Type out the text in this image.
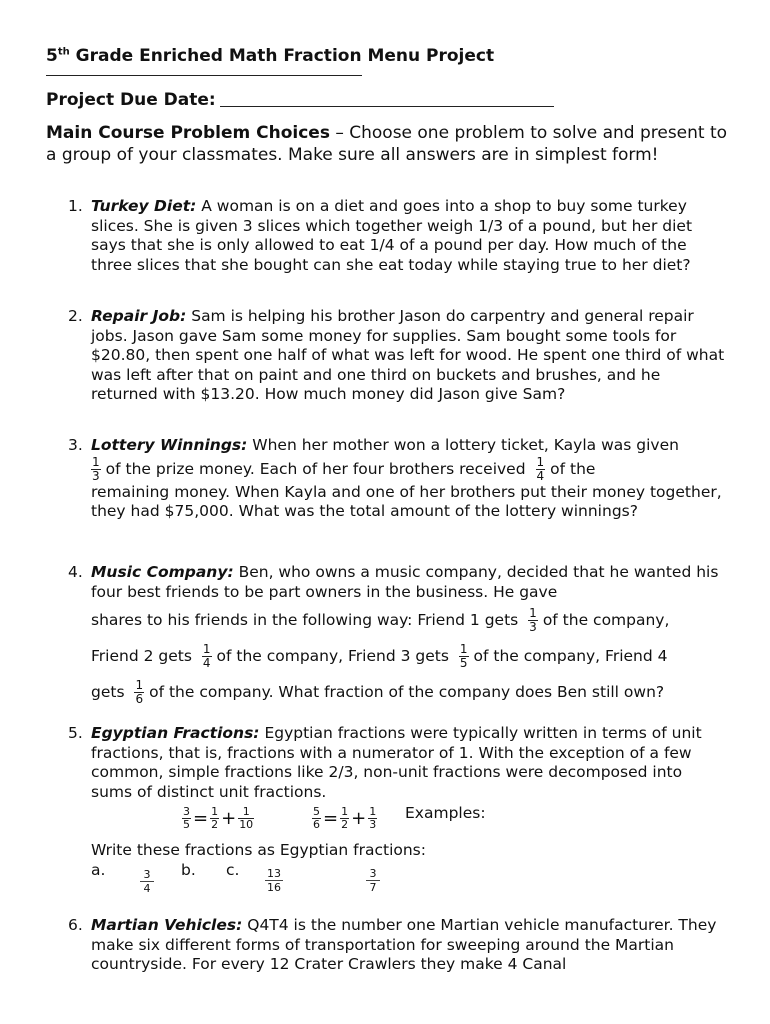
5th Grade Enriched Math Fraction Menu Project
Project Due Date:
Main Course Problem Choices – Choose one problem to solve and present to a group of your classmates. Make sure all answers are in simplest form!
1. Turkey Diet: A woman is on a diet and goes into a shop to buy some turkey slices. She is given 3 slices which together weigh 1/3 of a pound, but her diet says that she is only allowed to eat 1/4 of a pound per day. How much of the three slices that she bought can she eat today while staying true to her diet?
2. Repair Job: Sam is helping his brother Jason do carpentry and general repair jobs. Jason gave Sam some money for supplies. Sam bought some tools for $20.80, then spent one half of what was left for wood. He spent one third of what was left after that on paint and one third on buckets and brushes, and he returned with $13.20. How much money did Jason give Sam?
3. Lottery Winnings: When her mother won a lottery ticket, Kayla was given

$\frac{1}{3}$ of the prize money. Each of her four brothers received $\frac{1}{4}$ of the
remaining money. When Kayla and one of her brothers put their money together, they had $75,000. What was the total amount of the lottery winnings?
4. Music Company: Ben, who owns a music company, decided that he wanted his four best friends to be part owners in the business. He gave
shares to his friends in the following way: Friend 1 gets $\frac{1}{3}$ of the company,
Friend 2 gets $\frac{1}{4}$ of the company, Friend 3 gets $\frac{1}{5}$ of the company, Friend 4
gets $\frac{1}{6}$ of the company. What fraction of the company does Ben still own?
5. Egyptian Fractions: Egyptian fractions were typically written in terms of unit fractions, that is, fractions with a numerator of 1. With the exception of a few common, simple fractions like 2/3, non-unit fractions were decomposed into sums of distinct unit fractions.
$\frac{3}{5} = \frac{1}{2} + \frac{1}{10}$	$\frac{5}{6} = \frac{1}{2} + \frac{1}{3}$ Examples:
Write these fractions as Egyptian fractions:
a.	b. c.
3
4
13
16
3
7
6. Martian Vehicles: Q4T4 is the number one Martian vehicle manufacturer. They make six different forms of transportation for sweeping around the Martian countryside. For every 12 Crater Crawlers they make 4 Canal
